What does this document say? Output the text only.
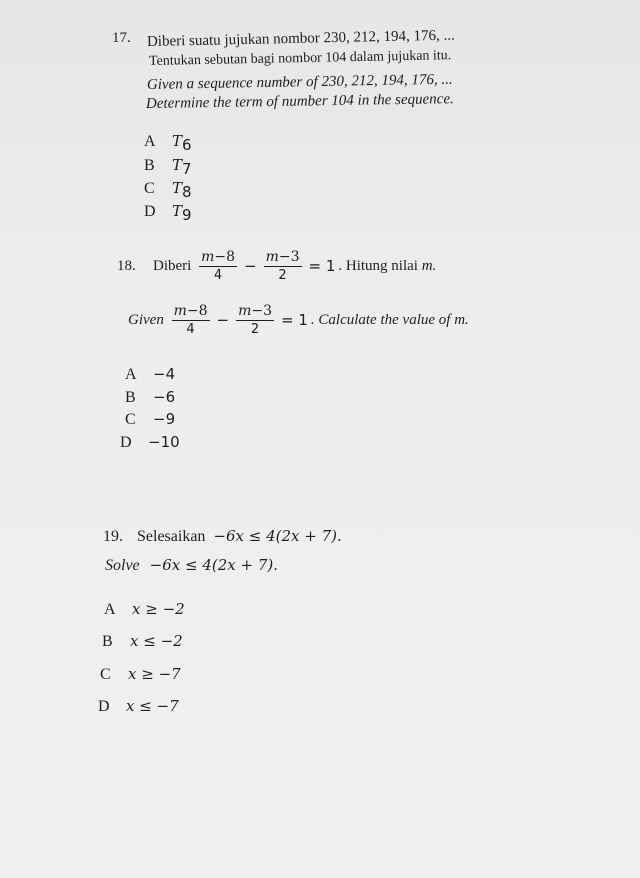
17. Diberi suatu jujukan nombor 230, 212, 194, 176, ...
Tentukan sebutan bagi nombor 104 dalam jujukan itu.
Given a sequence number of 230, 212, 194, 176, ...
Determine the term of number 104 in the sequence.
A $T_6$
B $T_7$
C $T_8$
D $T_9$
18. Diberi $\frac{m-8}{4} - \frac{m-3}{2} = 1$ . Hitung nilai m.
Given $\frac{m-8}{4} - \frac{m-3}{2} = 1$ . Calculate the value of m.
A −4
B −6
C −9
D −10
19. Selesaikan −6x ≤ 4(2x + 7).
Solve −6x ≤ 4(2x + 7).
A x ≥ −2
B x ≤ −2
C x ≥ −7
D x ≤ −7
